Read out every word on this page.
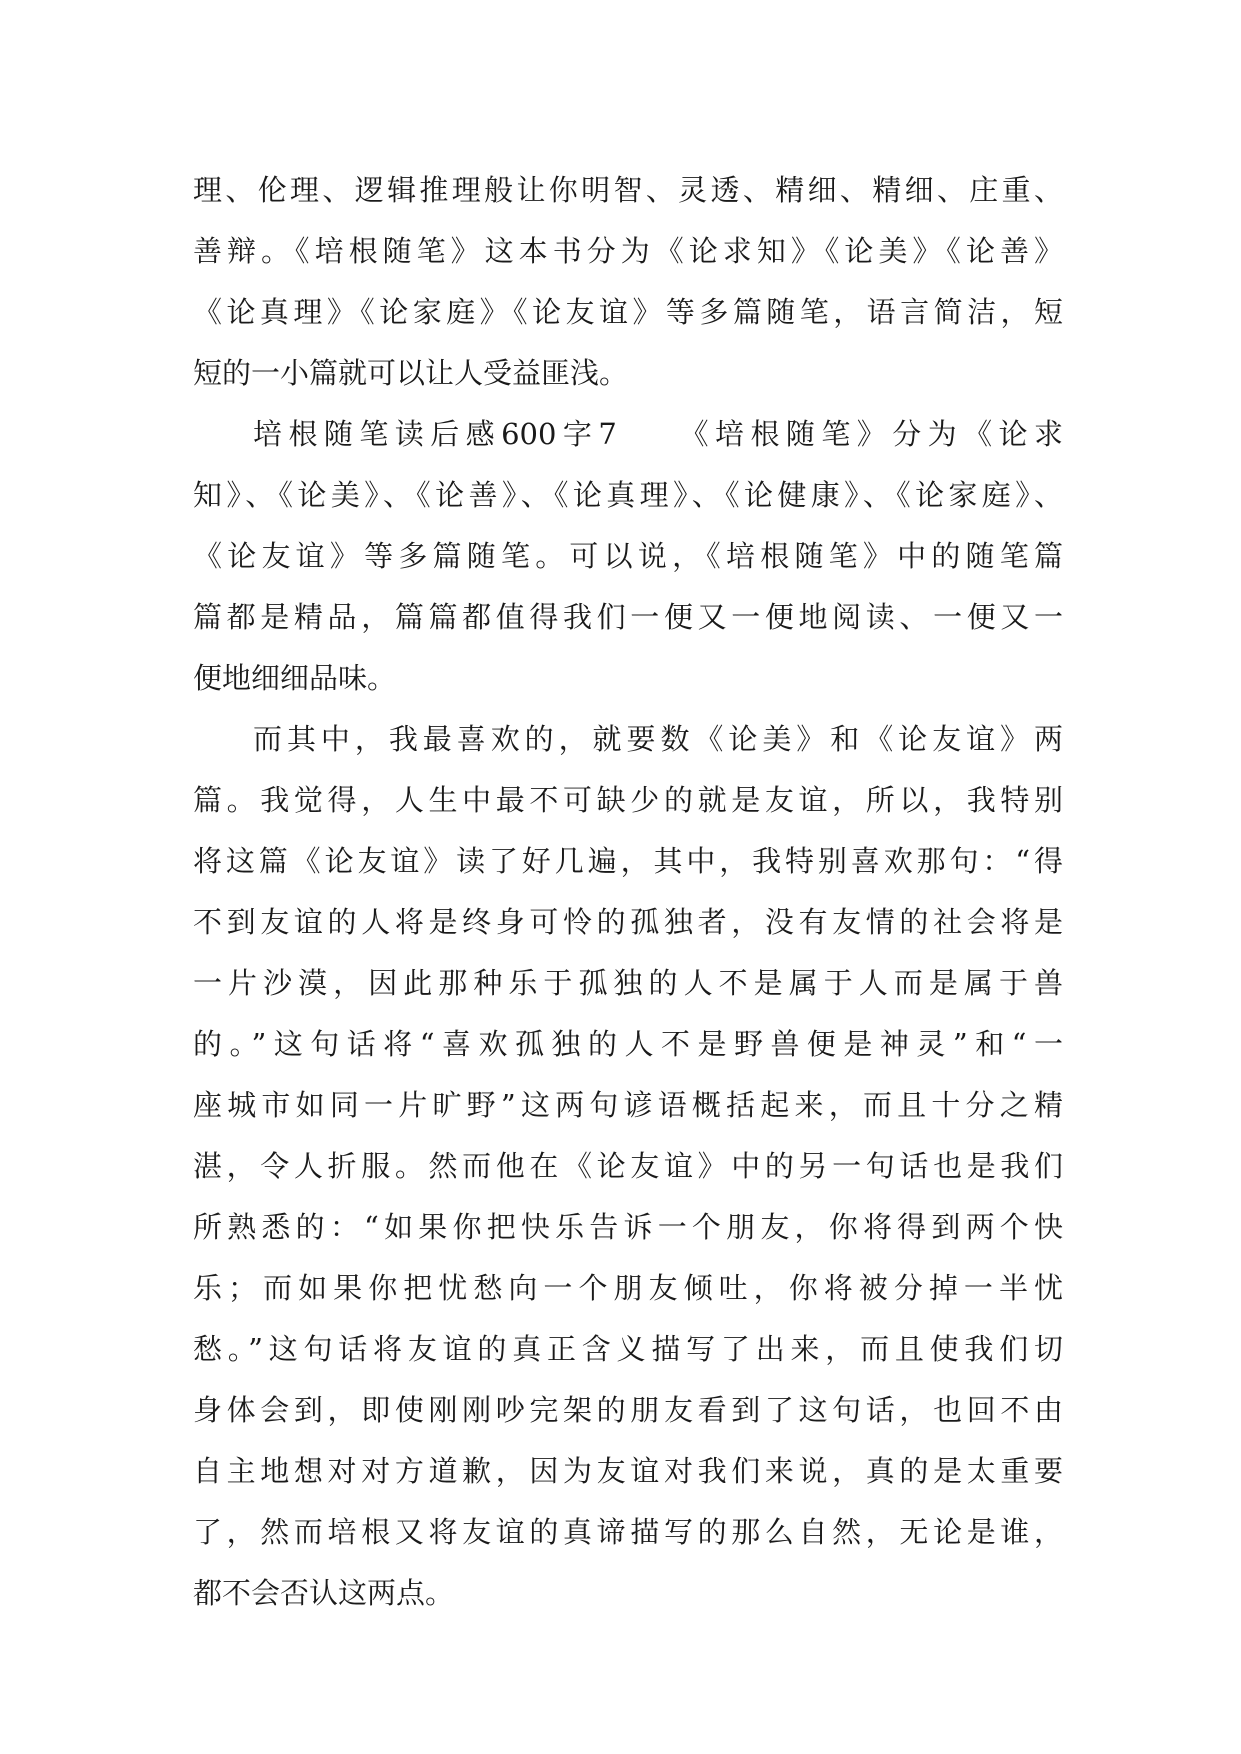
理、伦理、逻辑推理般让你明智、灵透、精细、精细、庄重、
善辩。《培根随笔》这本书分为《论求知》《论美》《论善》
《论真理》《论家庭》《论友谊》等多篇随笔，语言简洁，短
短的一小篇就可以让人受益匪浅。
培根随笔读后感600字7　　《培根随笔》分为《论求
知》、《论美》、《论善》、《论真理》、《论健康》、《论家庭》、
《论友谊》等多篇随笔。可以说，《培根随笔》中的随笔篇
篇都是精品，篇篇都值得我们一便又一便地阅读、一便又一
便地细细品味。
而其中，我最喜欢的，就要数《论美》和《论友谊》两
篇。我觉得，人生中最不可缺少的就是友谊，所以，我特别
将这篇《论友谊》读了好几遍，其中，我特别喜欢那句：“得
不到友谊的人将是终身可怜的孤独者，没有友情的社会将是
一片沙漠，因此那种乐于孤独的人不是属于人而是属于兽
的。”这句话将“喜欢孤独的人不是野兽便是神灵”和“一
座城市如同一片旷野”这两句谚语概括起来，而且十分之精
湛，令人折服。然而他在《论友谊》中的另一句话也是我们
所熟悉的：“如果你把快乐告诉一个朋友，你将得到两个快
乐；而如果你把忧愁向一个朋友倾吐，你将被分掉一半忧
愁。”这句话将友谊的真正含义描写了出来，而且使我们切
身体会到，即使刚刚吵完架的朋友看到了这句话，也回不由
自主地想对对方道歉，因为友谊对我们来说，真的是太重要
了，然而培根又将友谊的真谛描写的那么自然，无论是谁，
都不会否认这两点。
